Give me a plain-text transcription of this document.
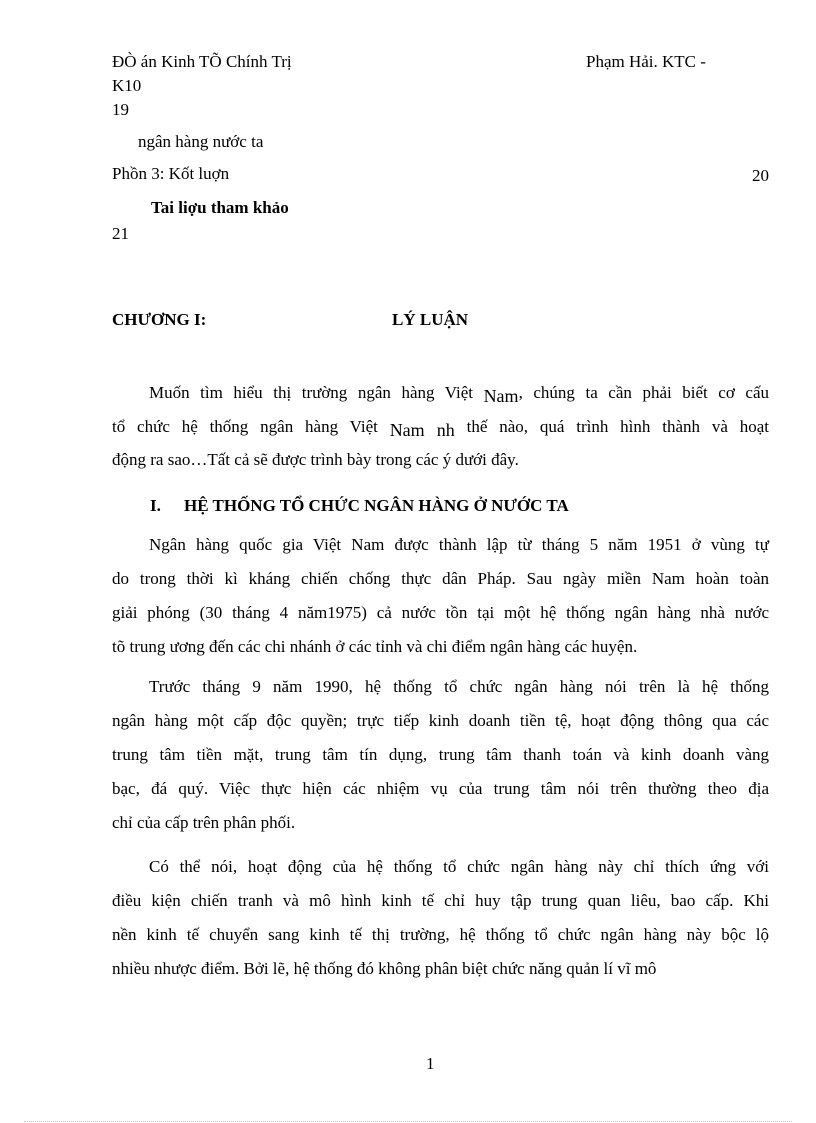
ĐÒ án Kinh TÕ Chính Trị	Phạm Hải. KTC -
K10
19
ngân hàng nước ta
Phồn 3: Kốt luợn	20
Tai liợu tham khảo
21
CHƯƠNG I:	LÝ LUẬN
Muốn tìm hiểu thị trường ngân hàng Việt Nam, chúng ta cần phải biết cơ cấu
tổ chức hệ thống ngân hàng Việt Nam nh thế nào, quá trình hình thành và hoạt
động ra sao…Tất cả sẽ được trình bày trong các ý dưới đây.
I. HỆ THỐNG TỔ CHỨC NGÂN HÀNG Ở NƯỚC TA
Ngân hàng quốc gia Việt Nam được thành lập từ tháng 5 năm 1951 ở vùng tự
do trong thời kì kháng chiến chống thực dân Pháp. Sau ngày miền Nam hoàn toàn
giải phóng (30 tháng 4 năm1975) cả nước tồn tại một hệ thống ngân hàng nhà nước
tõ trung ương đến các chi nhánh ở các tỉnh và chi điểm ngân hàng các huyện.
Trước tháng 9 năm 1990, hệ thống tổ chức ngân hàng nói trên là hệ thống
ngân hàng một cấp độc quyền; trực tiếp kinh doanh tiền tệ, hoạt động thông qua các
trung tâm tiền mặt, trung tâm tín dụng, trung tâm thanh toán và kinh doanh vàng
bạc, đá quý. Việc thực hiện các nhiệm vụ của trung tâm nói trên thường theo địa
chỉ của cấp trên phân phối.
Có thể nói, hoạt động của hệ thống tổ chức ngân hàng này chỉ thích ứng với
điều kiện chiến tranh và mô hình kinh tế chỉ huy tập trung quan liêu, bao cấp. Khi
nền kinh tế chuyển sang kinh tế thị trường, hệ thống tổ chức ngân hàng này bộc lộ
nhiều nhược điểm. Bởi lẽ, hệ thống đó không phân biệt chức năng quản lí vĩ mô
1
